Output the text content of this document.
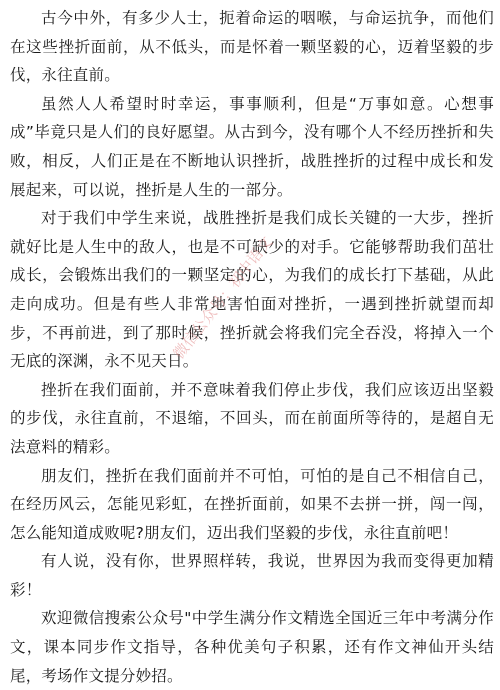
古今中外，有多少人士，扼着命运的咽喉，与命运抗争，而他们在这些挫折面前，从不低头，而是怀着一颗坚毅的心，迈着坚毅的步伐，永往直前。

虽然人人希望时时幸运，事事顺利，但是“万事如意。心想事成”毕竟只是人们的良好愿望。从古到今，没有哪个人不经历挫折和失败，相反，人们正是在不断地认识挫折，战胜挫折的过程中成长和发展起来，可以说，挫折是人生的一部分。

对于我们中学生来说，战胜挫折是我们成长关键的一大步，挫折就好比是人生中的敌人，也是不可缺少的对手。它能够帮助我们茁壮成长，会锻炼出我们的一颗坚定的心，为我们的成长打下基础，从此走向成功。但是有些人非常地害怕面对挫折，一遇到挫折就望而却步，不再前进，到了那时候，挫折就会将我们完全吞没，将掉入一个无底的深渊，永不见天日。

挫折在我们面前，并不意味着我们停止步伐，我们应该迈出坚毅的步伐，永往直前，不退缩，不回头，而在前面所等待的，是超自无法意料的精彩。

朋友们，挫折在我们面前并不可怕，可怕的是自己不相信自己，在经历风云，怎能见彩虹，在挫折面前，如果不去拼一拼，闯一闯，怎么能知道成败呢?朋友们，迈出我们坚毅的步伐，永往直前吧！

有人说，没有你，世界照样转，我说，世界因为我而变得更加精彩！

欢迎微信搜索公众号"中学生满分作文精选全国近三年中考满分作文，课本同步作文指导，各种优美句子积累，还有作文神仙开头结尾，考场作文提分妙招。

微信公众号：初中语文
